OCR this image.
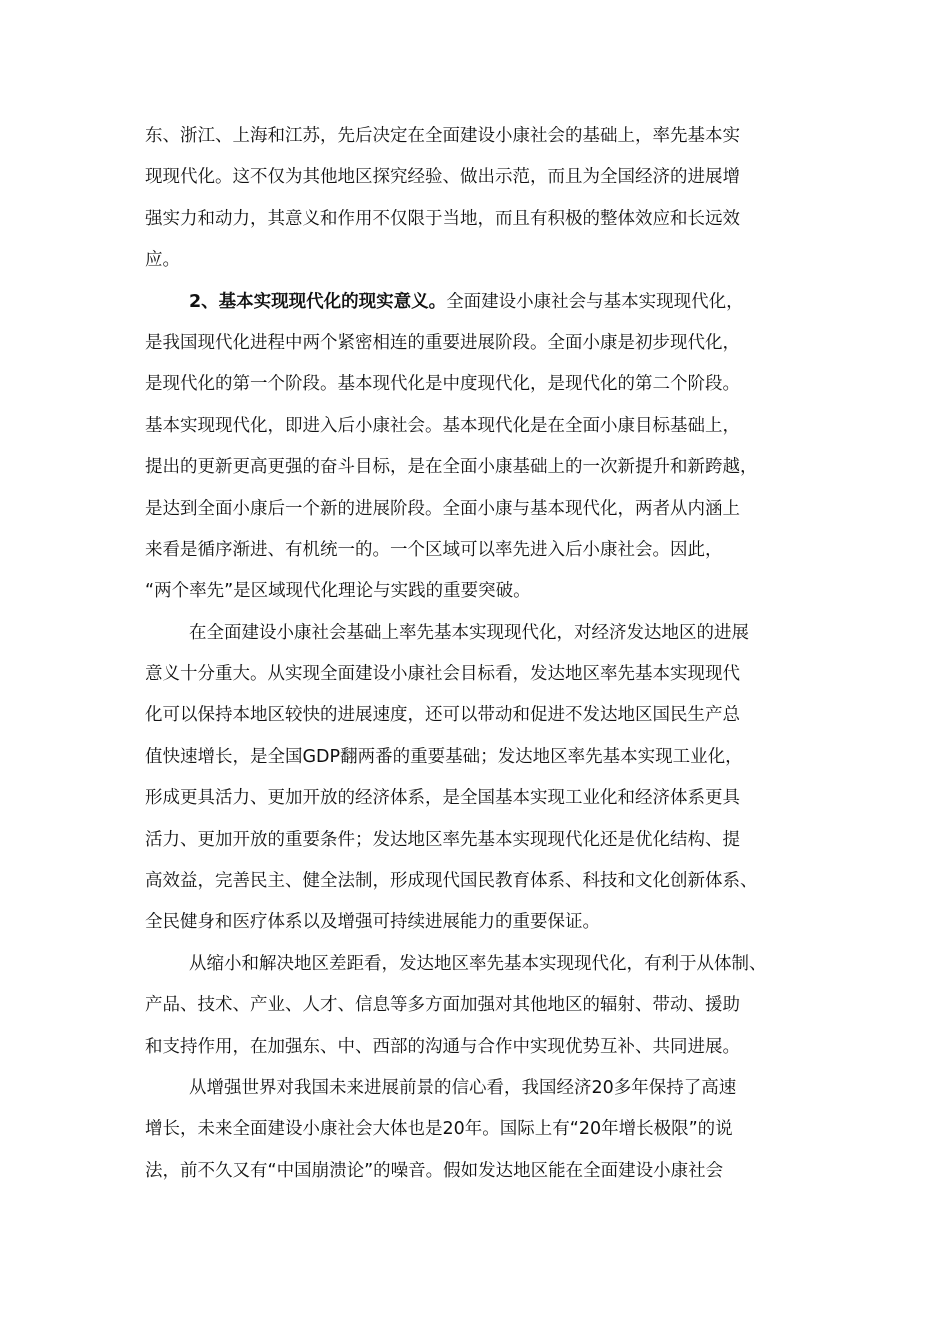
东、浙江、上海和江苏，先后决定在全面建设小康社会的基础上，率先基本实
现现代化。这不仅为其他地区探究经验、做出示范，而且为全国经济的进展增
强实力和动力，其意义和作用不仅限于当地，而且有积极的整体效应和长远效
应。
2、基本实现现代化的现实意义。全面建设小康社会与基本实现现代化，
是我国现代化进程中两个紧密相连的重要进展阶段。全面小康是初步现代化，
是现代化的第一个阶段。基本现代化是中度现代化，是现代化的第二个阶段。
基本实现现代化，即进入后小康社会。基本现代化是在全面小康目标基础上，
提出的更新更高更强的奋斗目标，是在全面小康基础上的一次新提升和新跨越，
是达到全面小康后一个新的进展阶段。全面小康与基本现代化，两者从内涵上
来看是循序渐进、有机统一的。一个区域可以率先进入后小康社会。因此，
“两个率先”是区域现代化理论与实践的重要突破。
在全面建设小康社会基础上率先基本实现现代化，对经济发达地区的进展
意义十分重大。从实现全面建设小康社会目标看，发达地区率先基本实现现代
化可以保持本地区较快的进展速度，还可以带动和促进不发达地区国民生产总
值快速增长，是全国GDP翻两番的重要基础；发达地区率先基本实现工业化，
形成更具活力、更加开放的经济体系，是全国基本实现工业化和经济体系更具
活力、更加开放的重要条件；发达地区率先基本实现现代化还是优化结构、提
高效益，完善民主、健全法制，形成现代国民教育体系、科技和文化创新体系、
全民健身和医疗体系以及增强可持续进展能力的重要保证。
从缩小和解决地区差距看，发达地区率先基本实现现代化，有利于从体制、
产品、技术、产业、人才、信息等多方面加强对其他地区的辐射、带动、援助
和支持作用，在加强东、中、西部的沟通与合作中实现优势互补、共同进展。
从增强世界对我国未来进展前景的信心看，我国经济20多年保持了高速
增长，未来全面建设小康社会大体也是20年。国际上有“20年增长极限”的说
法，前不久又有“中国崩溃论”的噪音。假如发达地区能在全面建设小康社会
